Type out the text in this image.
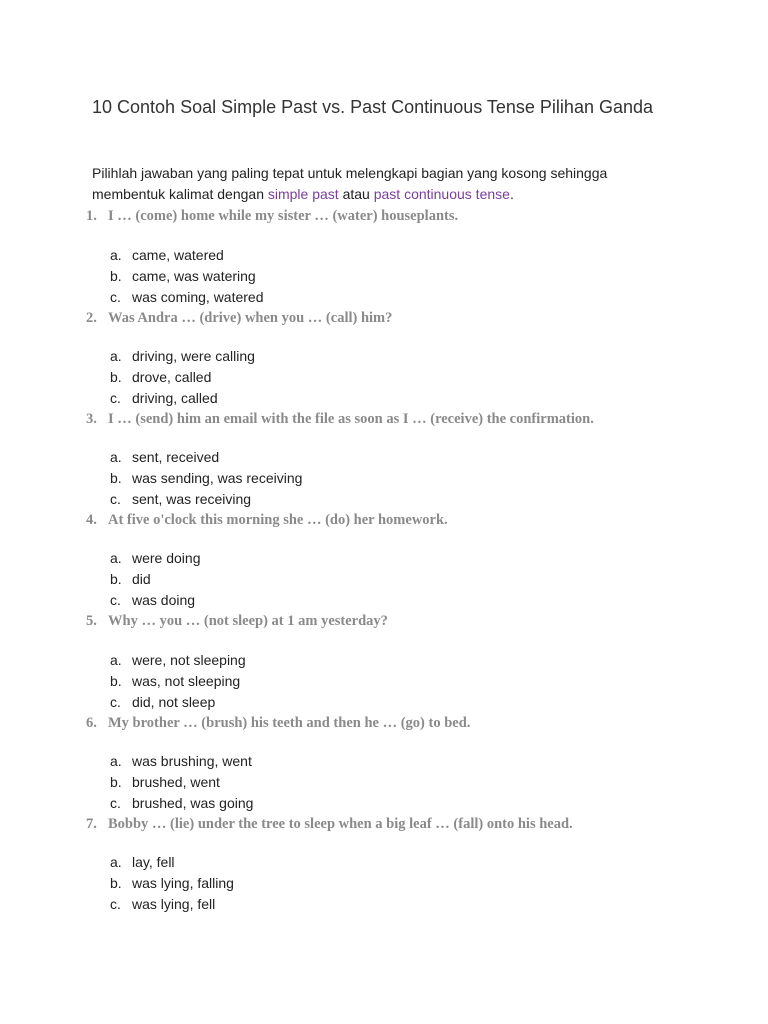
10 Contoh Soal Simple Past vs. Past Continuous Tense Pilihan Ganda
Pilihlah jawaban yang paling tepat untuk melengkapi bagian yang kosong sehingga membentuk kalimat dengan simple past atau past continuous tense.
1. I … (come) home while my sister … (water) houseplants.
a. came, watered
b. came, was watering
c. was coming, watered
2. Was Andra … (drive) when you … (call) him?
a. driving, were calling
b. drove, called
c. driving, called
3. I … (send) him an email with the file as soon as I … (receive) the confirmation.
a. sent, received
b. was sending, was receiving
c. sent, was receiving
4. At five o'clock this morning she … (do) her homework.
a. were doing
b. did
c. was doing
5. Why … you … (not sleep) at 1 am yesterday?
a. were, not sleeping
b. was, not sleeping
c. did, not sleep
6. My brother … (brush) his teeth and then he … (go) to bed.
a. was brushing, went
b. brushed, went
c. brushed, was going
7. Bobby … (lie) under the tree to sleep when a big leaf … (fall) onto his head.
a. lay, fell
b. was lying, falling
c. was lying, fell
